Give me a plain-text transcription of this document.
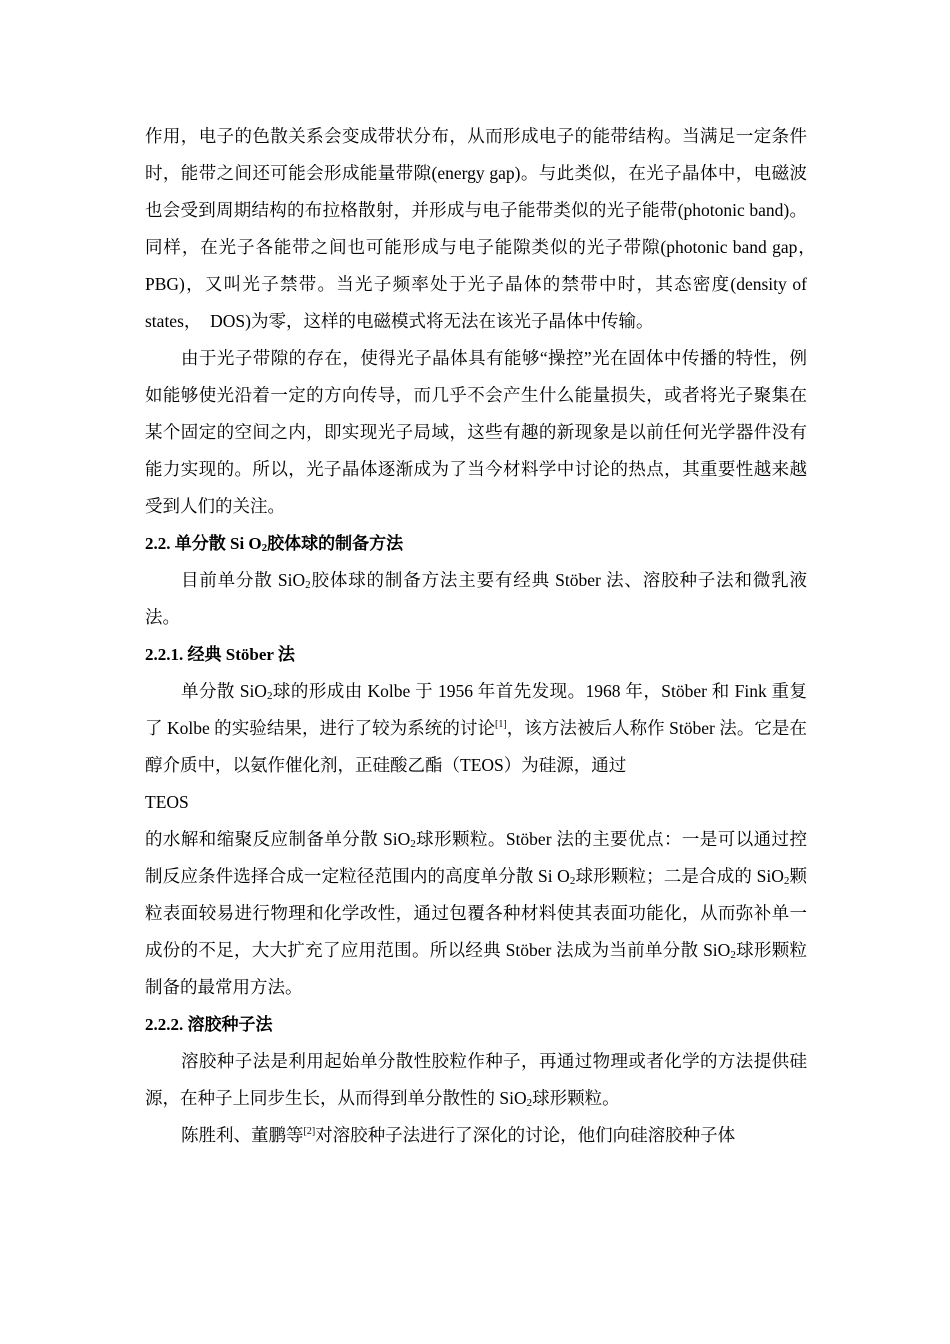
作用，电子的色散关系会变成带状分布，从而形成电子的能带结构。当满足一定条件时，能带之间还可能会形成能量带隙(energy gap)。与此类似，在光子晶体中，电磁波也会受到周期结构的布拉格散射，并形成与电子能带类似的光子能带(photonic band)。同样，在光子各能带之间也可能形成与电子能隙类似的光子带隙(photonic band gap，　PBG)，又叫光子禁带。当光子频率处于光子晶体的禁带中时，其态密度(density of states，　DOS)为零，这样的电磁模式将无法在该光子晶体中传输。

由于光子带隙的存在，使得光子晶体具有能够“操控”光在固体中传播的特性，例如能够使光沿着一定的方向传导，而几乎不会产生什么能量损失，或者将光子聚集在某个固定的空间之内，即实现光子局域，这些有趣的新现象是以前任何光学器件没有能力实现的。所以，光子晶体逐渐成为了当今材料学中讨论的热点，其重要性越来越受到人们的关注。

2.2. 单分散 Si $O_2$胶体球的制备方法

目前单分散 SiO$_2$胶体球的制备方法主要有经典 Stöber 法、溶胶种子法和微乳液法。

2.2.1. 经典 Stöber 法

单分散 SiO$_2$球的形成由 Kolbe 于 1956 年首先发现。1968 年，Stöber 和 Fink 重复了 Kolbe 的实验结果，进行了较为系统的讨论[1]，该方法被后人称作 Stöber 法。它是在醇介质中，以氨作催化剂，正硅酸乙酯（TEOS）为硅源，通过
TEOS

的水解和缩聚反应制备单分散 SiO$_2$球形颗粒。Stöber 法的主要优点：一是可以通过控制反应条件选择合成一定粒径范围内的高度单分散 Si $O_2$球形颗粒；二是合成的 SiO$_2$颗粒表面较易进行物理和化学改性，通过包覆各种材料使其表面功能化，从而弥补单一成份的不足，大大扩充了应用范围。所以经典 Stöber 法成为当前单分散 SiO$_2$球形颗粒制备的最常用方法。

2.2.2. 溶胶种子法

溶胶种子法是利用起始单分散性胶粒作种子，再通过物理或者化学的方法提供硅源，在种子上同步生长，从而得到单分散性的 SiO$_2$球形颗粒。

陈胜利、董鹏等[2]对溶胶种子法进行了深化的讨论，他们向硅溶胶种子体
